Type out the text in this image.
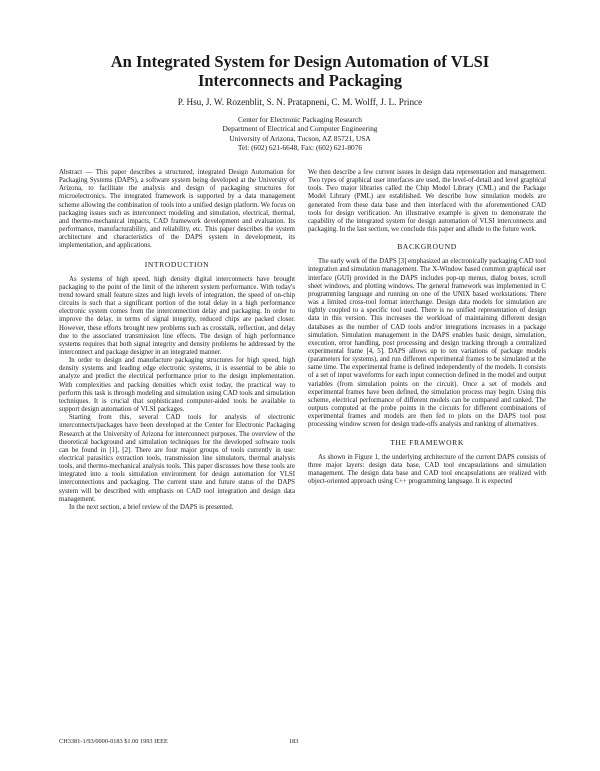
An Integrated System for Design Automation of VLSI
Interconnects and Packaging
P. Hsu, J. W. Rozenblit, S. N. Pratapneni, C. M. Wolff, J. L. Prince
Center for Electronic Packaging Research
Department of Electrical and Computer Engineering
University of Arizona, Tucson, AZ 85721, USA
Tel: (602) 621-6648, Fax: (602) 621-8076

Abstract — This paper describes a structured, integrated Design Automation for Packaging Systems (DAPS), a software system being developed at the University of Arizona, to facilitate the analysis and design of packaging structures for microelectronics. The integrated framework is supported by a data management scheme allowing the combination of tools into a unified design platform. We focus on packaging issues such as interconnect modeling and simulation, electrical, thermal, and thermo-mechanical impacts, CAD framework development and evaluation. Its performance, manufacturability, and reliability, etc. This paper describes the system architecture and characteristics of the DAPS system in development, its implementation, and applications.

INTRODUCTION

As systems of high speed, high density digital interconnects have brought packaging to the point of the limit of the inherent system performance. With today's trend toward small feature sizes and high levels of integration, the speed of on-chip circuits is such that a significant portion of the total delay in a high performance electronic system comes from the interconnection delay and packaging. In order to improve the delay, in terms of signal integrity, reduced chips are packed closer. However, these efforts brought new problems such as crosstalk, reflection, and delay due to the associated transmission line effects. The design of high performance systems requires that both signal integrity and density problems be addressed by the interconnect and package designer in an integrated manner.

In order to design and manufacture packaging structures for high speed, high density systems and leading edge electronic systems, it is essential to be able to analyze and predict the electrical performance prior to the design implementation. With complexities and packing densities which exist today, the practical way to perform this task is through modeling and simulation using CAD tools and simulation techniques. It is crucial that sophisticated computer-aided tools be available to support design automation of VLSI packages.

Starting from this, several CAD tools for analysis of electronic interconnects/packages have been developed at the Center for Electronic Packaging Research at the University of Arizona for interconnect purposes. The overview of the theoretical background and simulation techniques for the developed software tools can be found in [1], [2]. There are four major groups of tools currently in use: electrical parasitics extraction tools, transmission line simulators, thermal analysis tools, and thermo-mechanical analysis tools. This paper discusses how these tools are integrated into a tools simulation environment for design automation for VLSI interconnections and packaging. The current state and future status of the DAPS system will be described with emphasis on CAD tool integration and design data management.

In the next section, a brief review of the DAPS is presented.

We then describe a few current issues in design data representation and management. Two types of graphical user interfaces are used, the level-of-detail and level graphical tools. Two major libraries called the Chip Model Library (CML) and the Package Model Library (PML) are established. We describe how simulation models are generated from these data base and then interfaced with the aforementioned CAD tools for design verification. An illustrative example is given to demonstrate the capability of the integrated system for design automation of VLSI interconnects and packaging. In the last section, we conclude this paper and allude to the future work.

BACKGROUND

The early work of the DAPS [3] emphasized an electronically packaging CAD tool integration and simulation management. The X-Window based common graphical user interface (GUI) provided in the DAPS includes pop-up menus, dialog boxes, scroll sheet windows, and plotting windows. The general framework was implemented in C programming language and running on one of the UNIX based workstations. There was a limited cross-tool format interchange. Design data models for simulation are tightly coupled to a specific tool used. There is no unified representation of design data in this version. This increases the workload of maintaining different design databases as the number of CAD tools and/or integrations increases in a package simulation. Simulation management in the DAPS enables basic design, simulation, execution, error handling, post processing and design tracking through a centralized experimental frame [4, 5]. DAPS allows up to ten variations of package models (parameters for systems), and run different experimental frames to be simulated at the same time. The experimental frame is defined independently of the models. It consists of a set of input waveforms for each input connection defined in the model and output variables (from simulation points on the circuit). Once a set of models and experimental frames have been defined, the simulation process may begin. Using this scheme, electrical performance of different models can be compared and ranked. The outputs computed at the probe points in the circuits for different combinations of experimental frames and models are then fed to plots on the DAPS tool post processing window screen for design trade-offs analysis and ranking of alternatives.

THE FRAMEWORK

As shown in Figure 1, the underlying architecture of the current DAPS consists of three major layers: design data base, CAD tool encapsulations and simulation management. The design data base and CAD tool encapsulations are realized with object-oriented approach using C++ programming language. It is expected

CH3381-1/93/0000-0183 $1.00 1993 IEEE	183
